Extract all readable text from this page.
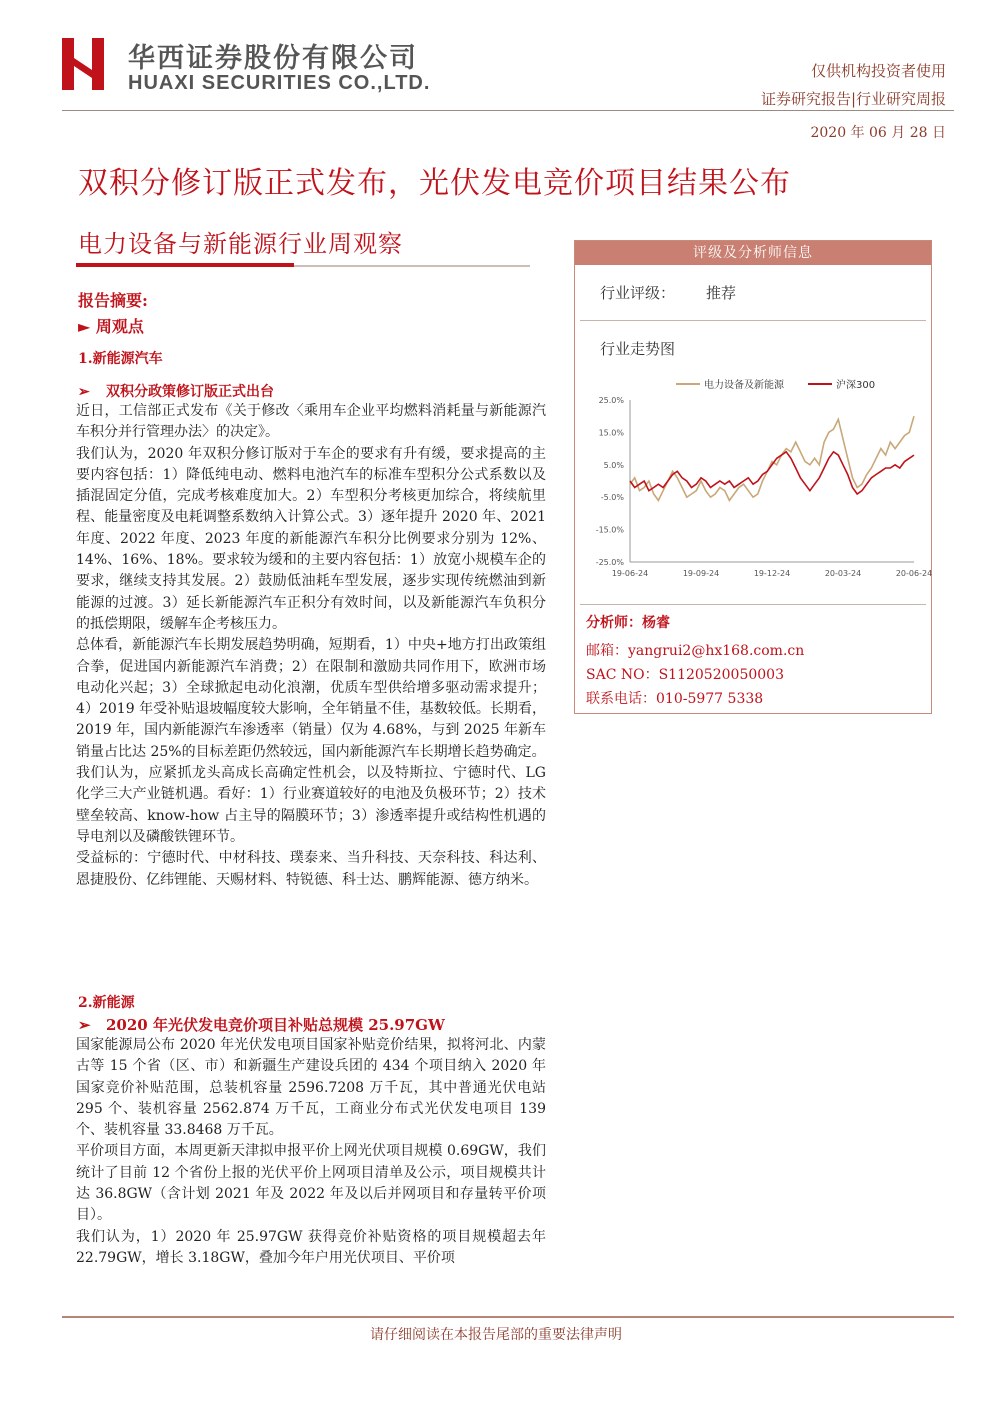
华西证券股份有限公司
HUAXI SECURITIES CO.,LTD.
仅供机构投资者使用
证券研究报告|行业研究周报
2020 年 06 月 28 日
双积分修订版正式发布，光伏发电竞价项目结果公布
电力设备与新能源行业周观察	评级及分析师信息
行业评级： 推荐
行业走势图
电力设备及新能源	沪深300
25.0%
15.0%
5.0%
-5.0%
-15.0%
-25.0%
19-06-24	19-09-24	19-12-24	20-03-24	20-06-24
分析师：杨睿
邮箱：yangrui2@hx168.com.cn
SAC NO：S1120520050003
联系电话：010-5977 5338
报告摘要:
► 周观点
1.新能源汽车
➢ 双积分政策修订版正式出台

近日，工信部正式发布《关于修改〈乘用车企业平均燃料消耗量与新能源汽车积分并行管理办法〉的决定》。

我们认为，2020 年双积分修订版对于车企的要求有升有缓，要求提高的主要内容包括：1）降低纯电动、燃料电池汽车的标准车型积分公式系数以及插混固定分值，完成考核难度加大。2）车型积分考核更加综合，将续航里程、能量密度及电耗调整系数纳入计算公式。3）逐年提升 2020 年、2021 年度、2022 年度、2023 年度的新能源汽车积分比例要求分别为 12%、14%、16%、18%。要求较为缓和的主要内容包括：1）放宽小规模车企的要求，继续支持其发展。2）鼓励低油耗车型发展，逐步实现传统燃油到新能源的过渡。3）延长新能源汽车正积分有效时间，以及新能源汽车负积分的抵偿期限，缓解车企考核压力。

总体看，新能源汽车长期发展趋势明确，短期看，1）中央+地方打出政策组合拳，促进国内新能源汽车消费；2）在限制和激励共同作用下，欧洲市场电动化兴起；3）全球掀起电动化浪潮，优质车型供给增多驱动需求提升；4）2019 年受补贴退坡幅度较大影响，全年销量不佳，基数较低。长期看，2019 年，国内新能源汽车渗透率（销量）仅为 4.68%，与到 2025 年新车销量占比达 25%的目标差距仍然较远，国内新能源汽车长期增长趋势确定。

我们认为，应紧抓龙头高成长高确定性机会，以及特斯拉、宁德时代、LG 化学三大产业链机遇。看好：1）行业赛道较好的电池及负极环节；2）技术壁垒较高、know-how 占主导的隔膜环节；3）渗透率提升或结构性机遇的导电剂以及磷酸铁锂环节。

受益标的：宁德时代、中材科技、璞泰来、当升科技、天奈科技、科达利、恩捷股份、亿纬锂能、天赐材料、特锐德、科士达、鹏辉能源、德方纳米。

2.新能源
➢ 2020 年光伏发电竞价项目补贴总规模 25.97GW

国家能源局公布 2020 年光伏发电项目国家补贴竞价结果，拟将河北、内蒙古等 15 个省（区、市）和新疆生产建设兵团的 434 个项目纳入 2020 年国家竞价补贴范围，总装机容量 2596.7208 万千瓦，其中普通光伏电站 295 个、装机容量 2562.874 万千瓦，工商业分布式光伏发电项目 139 个、装机容量 33.8468 万千瓦。

平价项目方面，本周更新天津拟申报平价上网光伏项目规模 0.69GW，我们统计了目前 12 个省份上报的光伏平价上网项目清单及公示，项目规模共计达 36.8GW（含计划 2021 年及 2022 年及以后并网项目和存量转平价项目）。

我们认为，1）2020 年 25.97GW 获得竞价补贴资格的项目规模超去年 22.79GW，增长 3.18GW，叠加今年户用光伏项目、平价项

请仔细阅读在本报告尾部的重要法律声明
